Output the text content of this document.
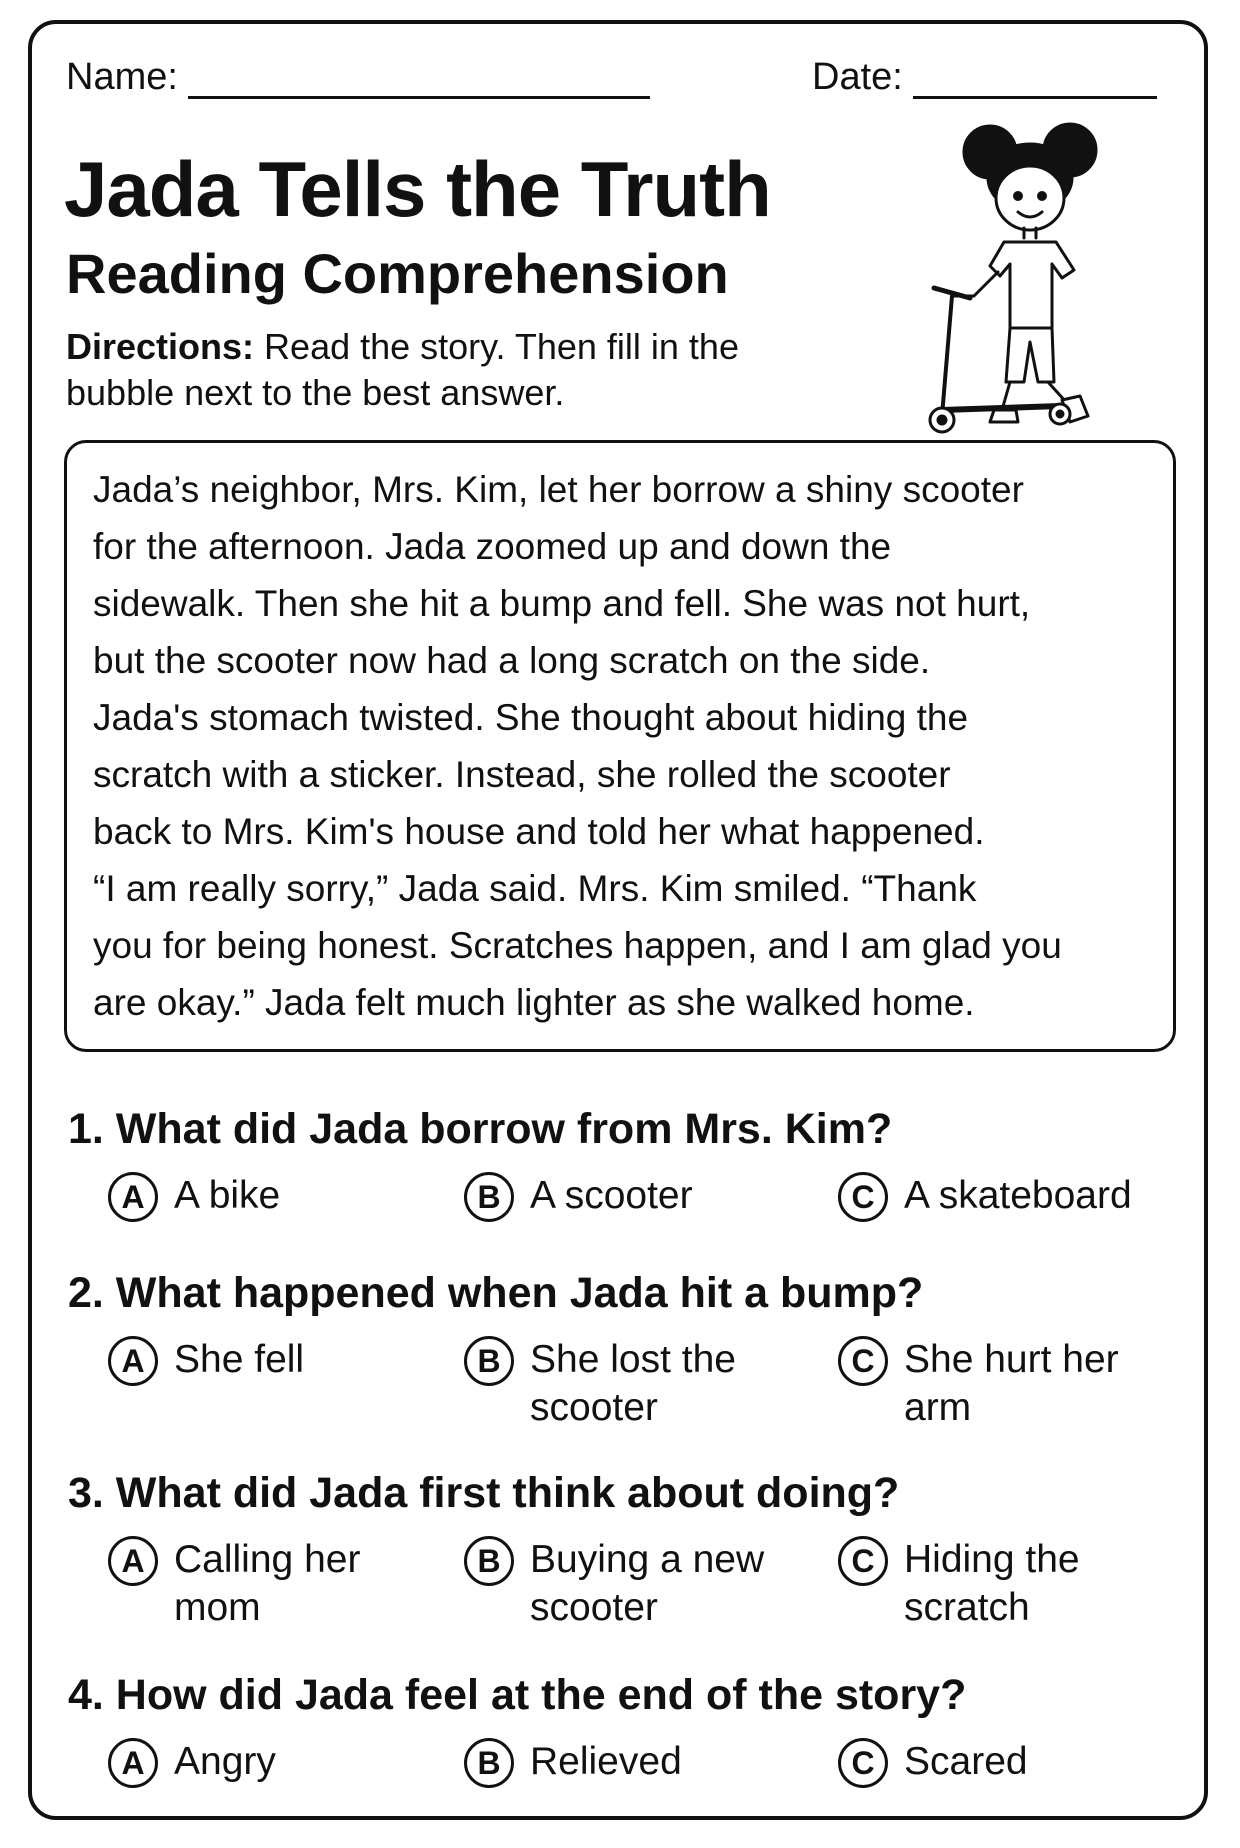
Name:	Date:
Jada Tells the Truth
Reading Comprehension
Directions: Read the story. Then fill in the
bubble next to the best answer.
Jada’s neighbor, Mrs. Kim, let her borrow a shiny scooter
for the afternoon. Jada zoomed up and down the
sidewalk. Then she hit a bump and fell. She was not hurt,
but the scooter now had a long scratch on the side.
Jada's stomach twisted. She thought about hiding the
scratch with a sticker. Instead, she rolled the scooter
back to Mrs. Kim's house and told her what happened.
“I am really sorry,” Jada said. Mrs. Kim smiled. “Thank
you for being honest. Scratches happen, and I am glad you
are okay.” Jada felt much lighter as she walked home.
1. What did Jada borrow from Mrs. Kim?
A A bike	B A scooter	C A skateboard
2. What happened when Jada hit a bump?
A She fell	B She lost the
scooter
C She hurt her
arm
3. What did Jada first think about doing?
A Calling her
mom
B Buying a new
scooter
C Hiding the
scratch
4. How did Jada feel at the end of the story?
A Angry	B Relieved	C Scared
